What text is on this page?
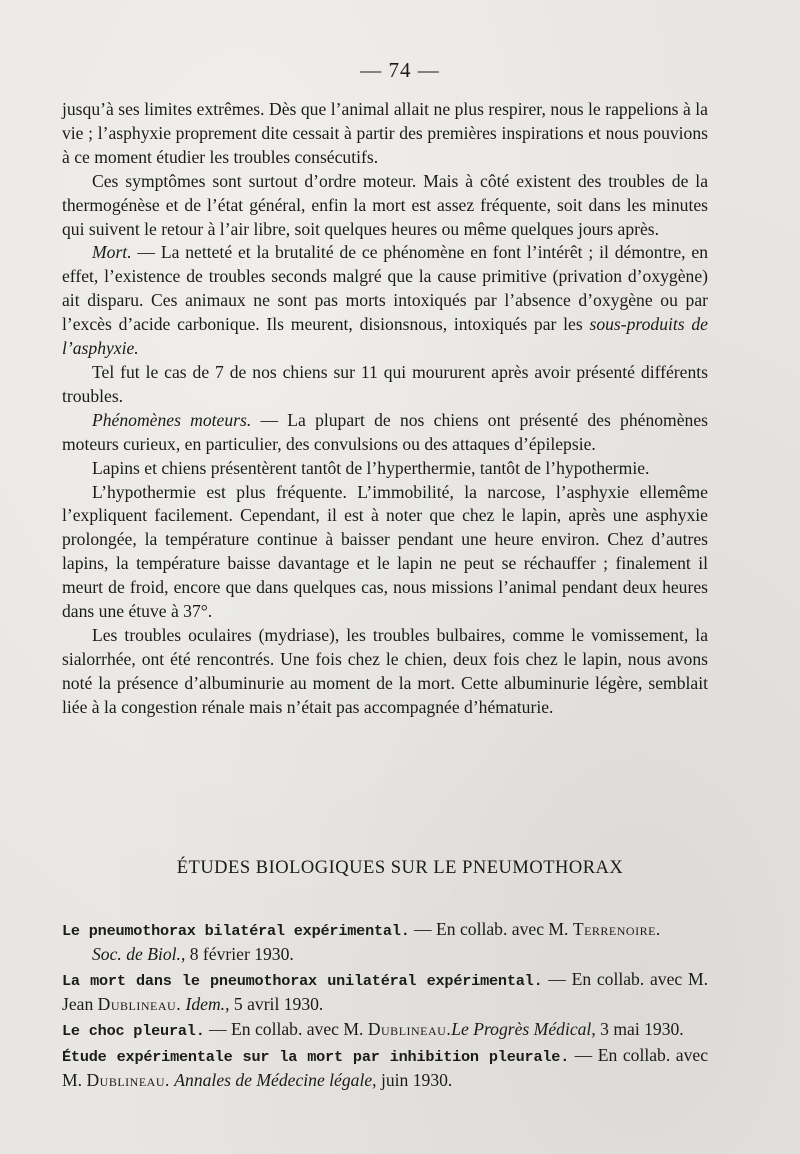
— 74 —

jusqu’à ses limites extrêmes. Dès que l’animal allait ne plus respirer, nous le rappelions à la vie ; l’asphyxie proprement dite cessait à partir des premières inspirations et nous pouvions à ce moment étudier les troubles consécutifs.

Ces symptômes sont surtout d’ordre moteur. Mais à côté existent des troubles de la thermogénèse et de l’état général, enfin la mort est assez fréquente, soit dans les minutes qui suivent le retour à l’air libre, soit quelques heures ou même quelques jours après.

Mort. — La netteté et la brutalité de ce phénomène en font l’intérêt ; il démontre, en effet, l’existence de troubles seconds malgré que la cause primitive (privation d’oxygène) ait disparu. Ces animaux ne sont pas morts intoxiqués par l’absence d’oxygène ou par l’excès d’acide carbonique. Ils meurent, disionsnous, intoxiqués par les sous-produits de l’asphyxie.

Tel fut le cas de 7 de nos chiens sur 11 qui moururent après avoir présenté différents troubles.

Phénomènes moteurs. — La plupart de nos chiens ont présenté des phénomènes moteurs curieux, en particulier, des convulsions ou des attaques d’épilepsie.

Lapins et chiens présentèrent tantôt de l’hyperthermie, tantôt de l’hypothermie.

L’hypothermie est plus fréquente. L’immobilité, la narcose, l’asphyxie ellemême l’expliquent facilement. Cependant, il est à noter que chez le lapin, après une asphyxie prolongée, la température continue à baisser pendant une heure environ. Chez d’autres lapins, la température baisse davantage et le lapin ne peut se réchauffer ; finalement il meurt de froid, encore que dans quelques cas, nous missions l’animal pendant deux heures dans une étuve à 37°.

Les troubles oculaires (mydriase), les troubles bulbaires, comme le vomissement, la sialorrhée, ont été rencontrés. Une fois chez le chien, deux fois chez le lapin, nous avons noté la présence d’albuminurie au moment de la mort. Cette albuminurie légère, semblait liée à la congestion rénale mais n’était pas accompagnée d’hématurie.

ÉTUDES BIOLOGIQUES SUR LE PNEUMOTHORAX
Le pneumothorax bilatéral expérimental. — En collab. avec M. Terrenoire.
Soc. de Biol., 8 février 1930.
La mort dans le pneumothorax unilatéral expérimental. — En collab. avec M. Jean Dublineau. Idem., 5 avril 1930.
Le choc pleural. — En collab. avec M. Dublineau.Le Progrès Médical, 3 mai 1930.
Étude expérimentale sur la mort par inhibition pleurale. — En collab. avec M. Dublineau. Annales de Médecine légale, juin 1930.
